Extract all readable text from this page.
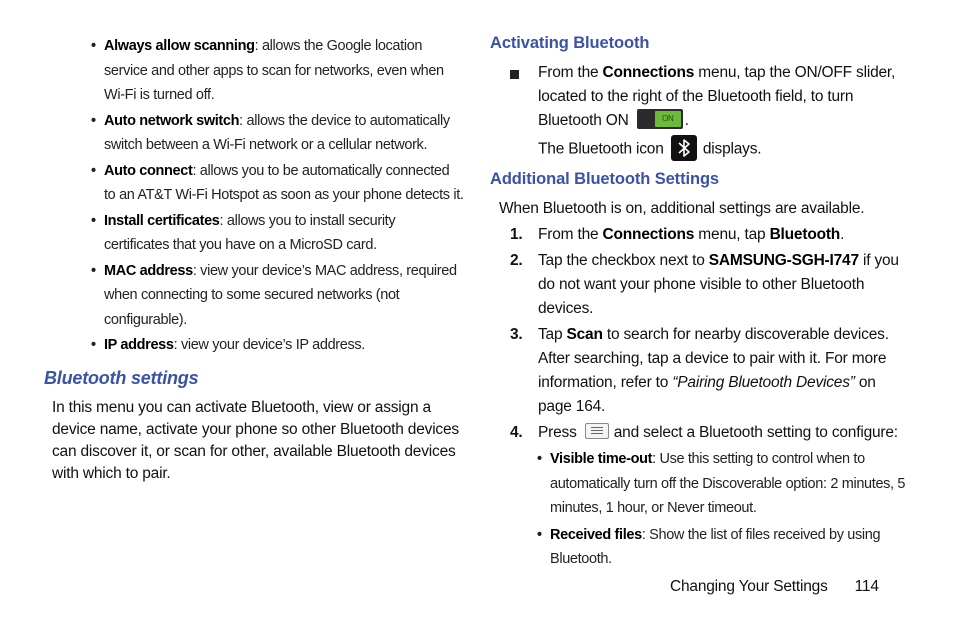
• Always allow scanning: allows the Google location service and other apps to scan for networks, even when Wi-Fi is turned off.
• Auto network switch: allows the device to automatically switch between a Wi-Fi network or a cellular network.
• Auto connect: allows you to be automatically connected to an AT&T Wi-Fi Hotspot as soon as your phone detects it.
• Install certificates: allows you to install security certificates that you have on a MicroSD card.
• MAC address: view your device’s MAC address, required when connecting to some secured networks (not configurable).
• IP address: view your device’s IP address.
Bluetooth settings

In this menu you can activate Bluetooth, view or assign a device name, activate your phone so other Bluetooth devices can discover it, or scan for other, available Bluetooth devices with which to pair.

Activating Bluetooth
From the Connections menu, tap the ON/OFF slider, located to the right of the Bluetooth field, to turn Bluetooth ON	ON .
The Bluetooth icon	displays.
Additional Bluetooth Settings
When Bluetooth is on, additional settings are available.
1. From the Connections menu, tap Bluetooth.
2. Tap the checkbox next to SAMSUNG-SGH-I747 if you do not want your phone visible to other Bluetooth devices.
3. Tap Scan to search for nearby discoverable devices. After searching, tap a device to pair with it. For more information, refer to “Pairing Bluetooth Devices” on page 164.
4. Press and select a Bluetooth setting to configure:
• Visible time-out: Use this setting to control when to automatically turn off the Discoverable option: 2 minutes, 5 minutes, 1 hour, or Never timeout.
• Received files: Show the list of files received by using Bluetooth.
Changing Your Settings 114
